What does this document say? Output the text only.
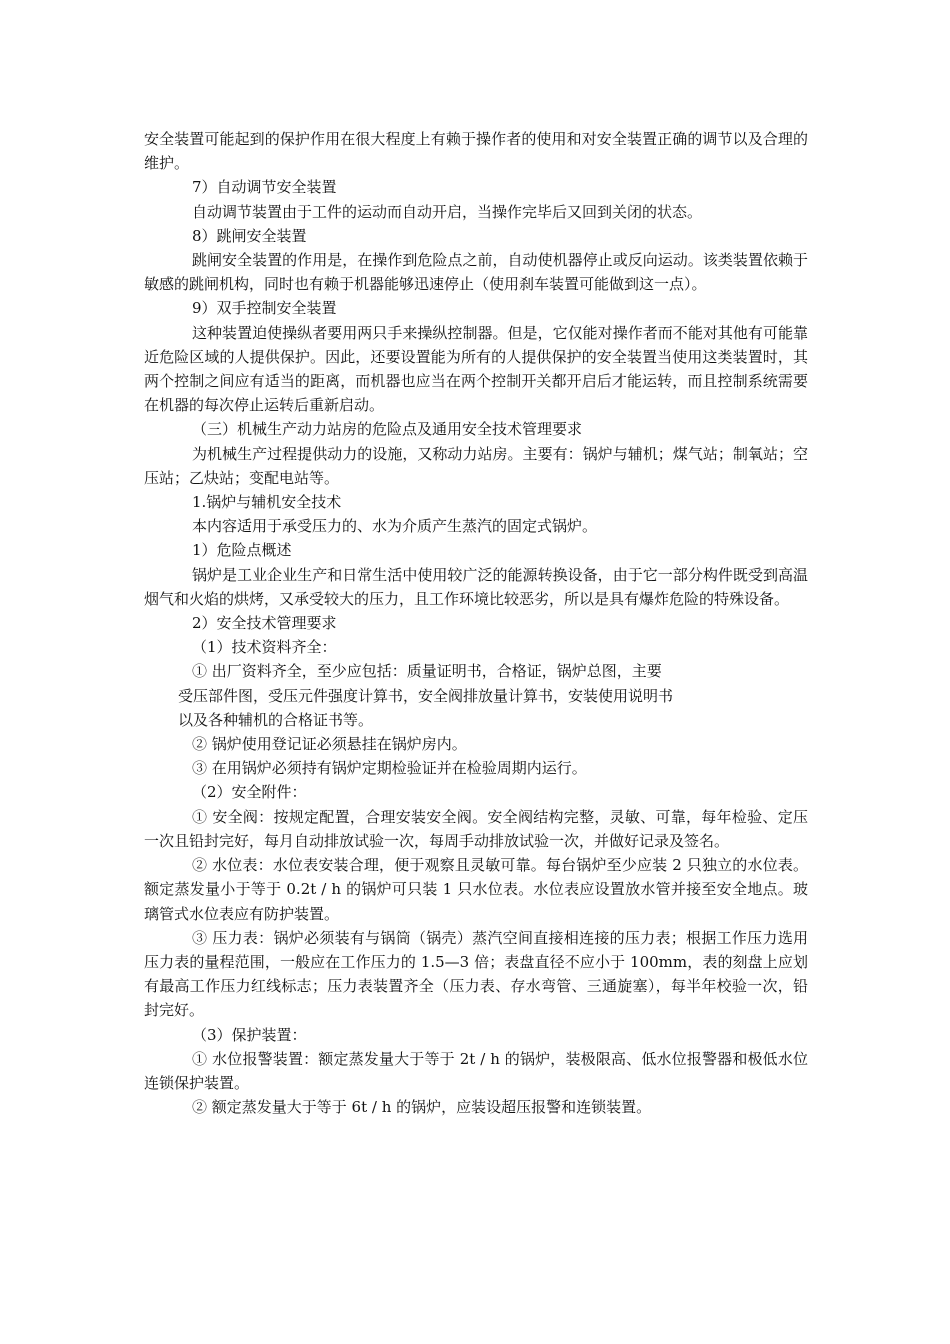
安全装置可能起到的保护作用在很大程度上有赖于操作者的使用和对安全装置正确的调节以及合理的维护。

7）自动调节安全装置

自动调节装置由于工件的运动而自动开启，当操作完毕后又回到关闭的状态。

8）跳闸安全装置

跳闸安全装置的作用是，在操作到危险点之前，自动使机器停止或反向运动。该类装置依赖于敏感的跳闸机构，同时也有赖于机器能够迅速停止（使用刹车装置可能做到这一点）。

9）双手控制安全装置

这种装置迫使操纵者要用两只手来操纵控制器。但是，它仅能对操作者而不能对其他有可能靠近危险区域的人提供保护。因此，还要设置能为所有的人提供保护的安全装置当使用这类装置时，其两个控制之间应有适当的距离，而机器也应当在两个控制开关都开启后才能运转，而且控制系统需要在机器的每次停止运转后重新启动。

（三）机械生产动力站房的危险点及通用安全技术管理要求

为机械生产过程提供动力的设施，又称动力站房。主要有：锅炉与辅机；煤气站；制氧站；空压站；乙炔站；变配电站等。

1.锅炉与辅机安全技术

本内容适用于承受压力的、水为介质产生蒸汽的固定式锅炉。

1）危险点概述

锅炉是工业企业生产和日常生活中使用较广泛的能源转换设备，由于它一部分构件既受到高温烟气和火焰的烘烤，又承受较大的压力，且工作环境比较恶劣，所以是具有爆炸危险的特殊设备。

2）安全技术管理要求

（1）技术资料齐全：

① 出厂资料齐全，至少应包括：质量证明书，合格证，锅炉总图，主要

受压部件图，受压元件强度计算书，安全阀排放量计算书，安装使用说明书

以及各种辅机的合格证书等。

② 锅炉使用登记证必须悬挂在锅炉房内。

③ 在用锅炉必须持有锅炉定期检验证并在检验周期内运行。

（2）安全附件：

① 安全阀：按规定配置，合理安装安全阀。安全阀结构完整，灵敏、可靠，每年检验、定压一次且铅封完好，每月自动排放试验一次，每周手动排放试验一次，并做好记录及签名。

② 水位表：水位表安装合理，便于观察且灵敏可靠。每台锅炉至少应装 2 只独立的水位表。额定蒸发量小于等于 0.2t / h 的锅炉可只装 1 只水位表。水位表应设置放水管并接至安全地点。玻璃管式水位表应有防护装置。

③ 压力表：锅炉必须装有与锅筒（锅壳）蒸汽空间直接相连接的压力表；根据工作压力选用压力表的量程范围，一般应在工作压力的 1.5—3 倍；表盘直径不应小于 100mm，表的刻盘上应划有最高工作压力红线标志；压力表装置齐全（压力表、存水弯管、三通旋塞），每半年校验一次，铅封完好。

（3）保护装置：

① 水位报警装置：额定蒸发量大于等于 2t / h 的锅炉，装极限高、低水位报警器和极低水位连锁保护装置。

② 额定蒸发量大于等于 6t / h 的锅炉，应装设超压报警和连锁装置。
